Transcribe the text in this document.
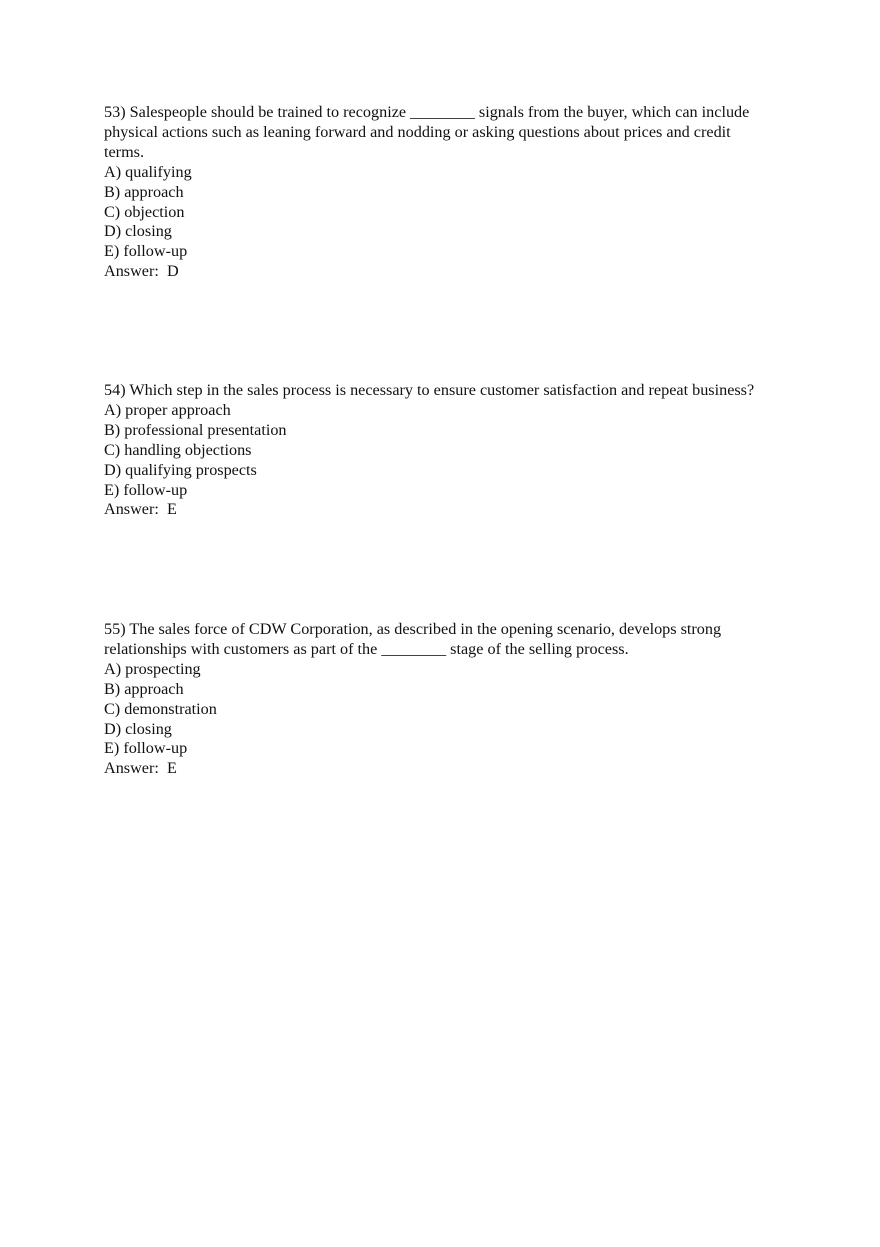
53) Salespeople should be trained to recognize ________ signals from the buyer, which can include physical actions such as leaning forward and nodding or asking questions about prices and credit terms.

A) qualifying
B) approach
C) objection
D) closing
E) follow-up

Answer: D

54) Which step in the sales process is necessary to ensure customer satisfaction and repeat business?

A) proper approach
B) professional presentation
C) handling objections
D) qualifying prospects
E) follow-up

Answer: E

55) The sales force of CDW Corporation, as described in the opening scenario, develops strong relationships with customers as part of the ________ stage of the selling process.

A) prospecting
B) approach
C) demonstration
D) closing
E) follow-up

Answer: E
